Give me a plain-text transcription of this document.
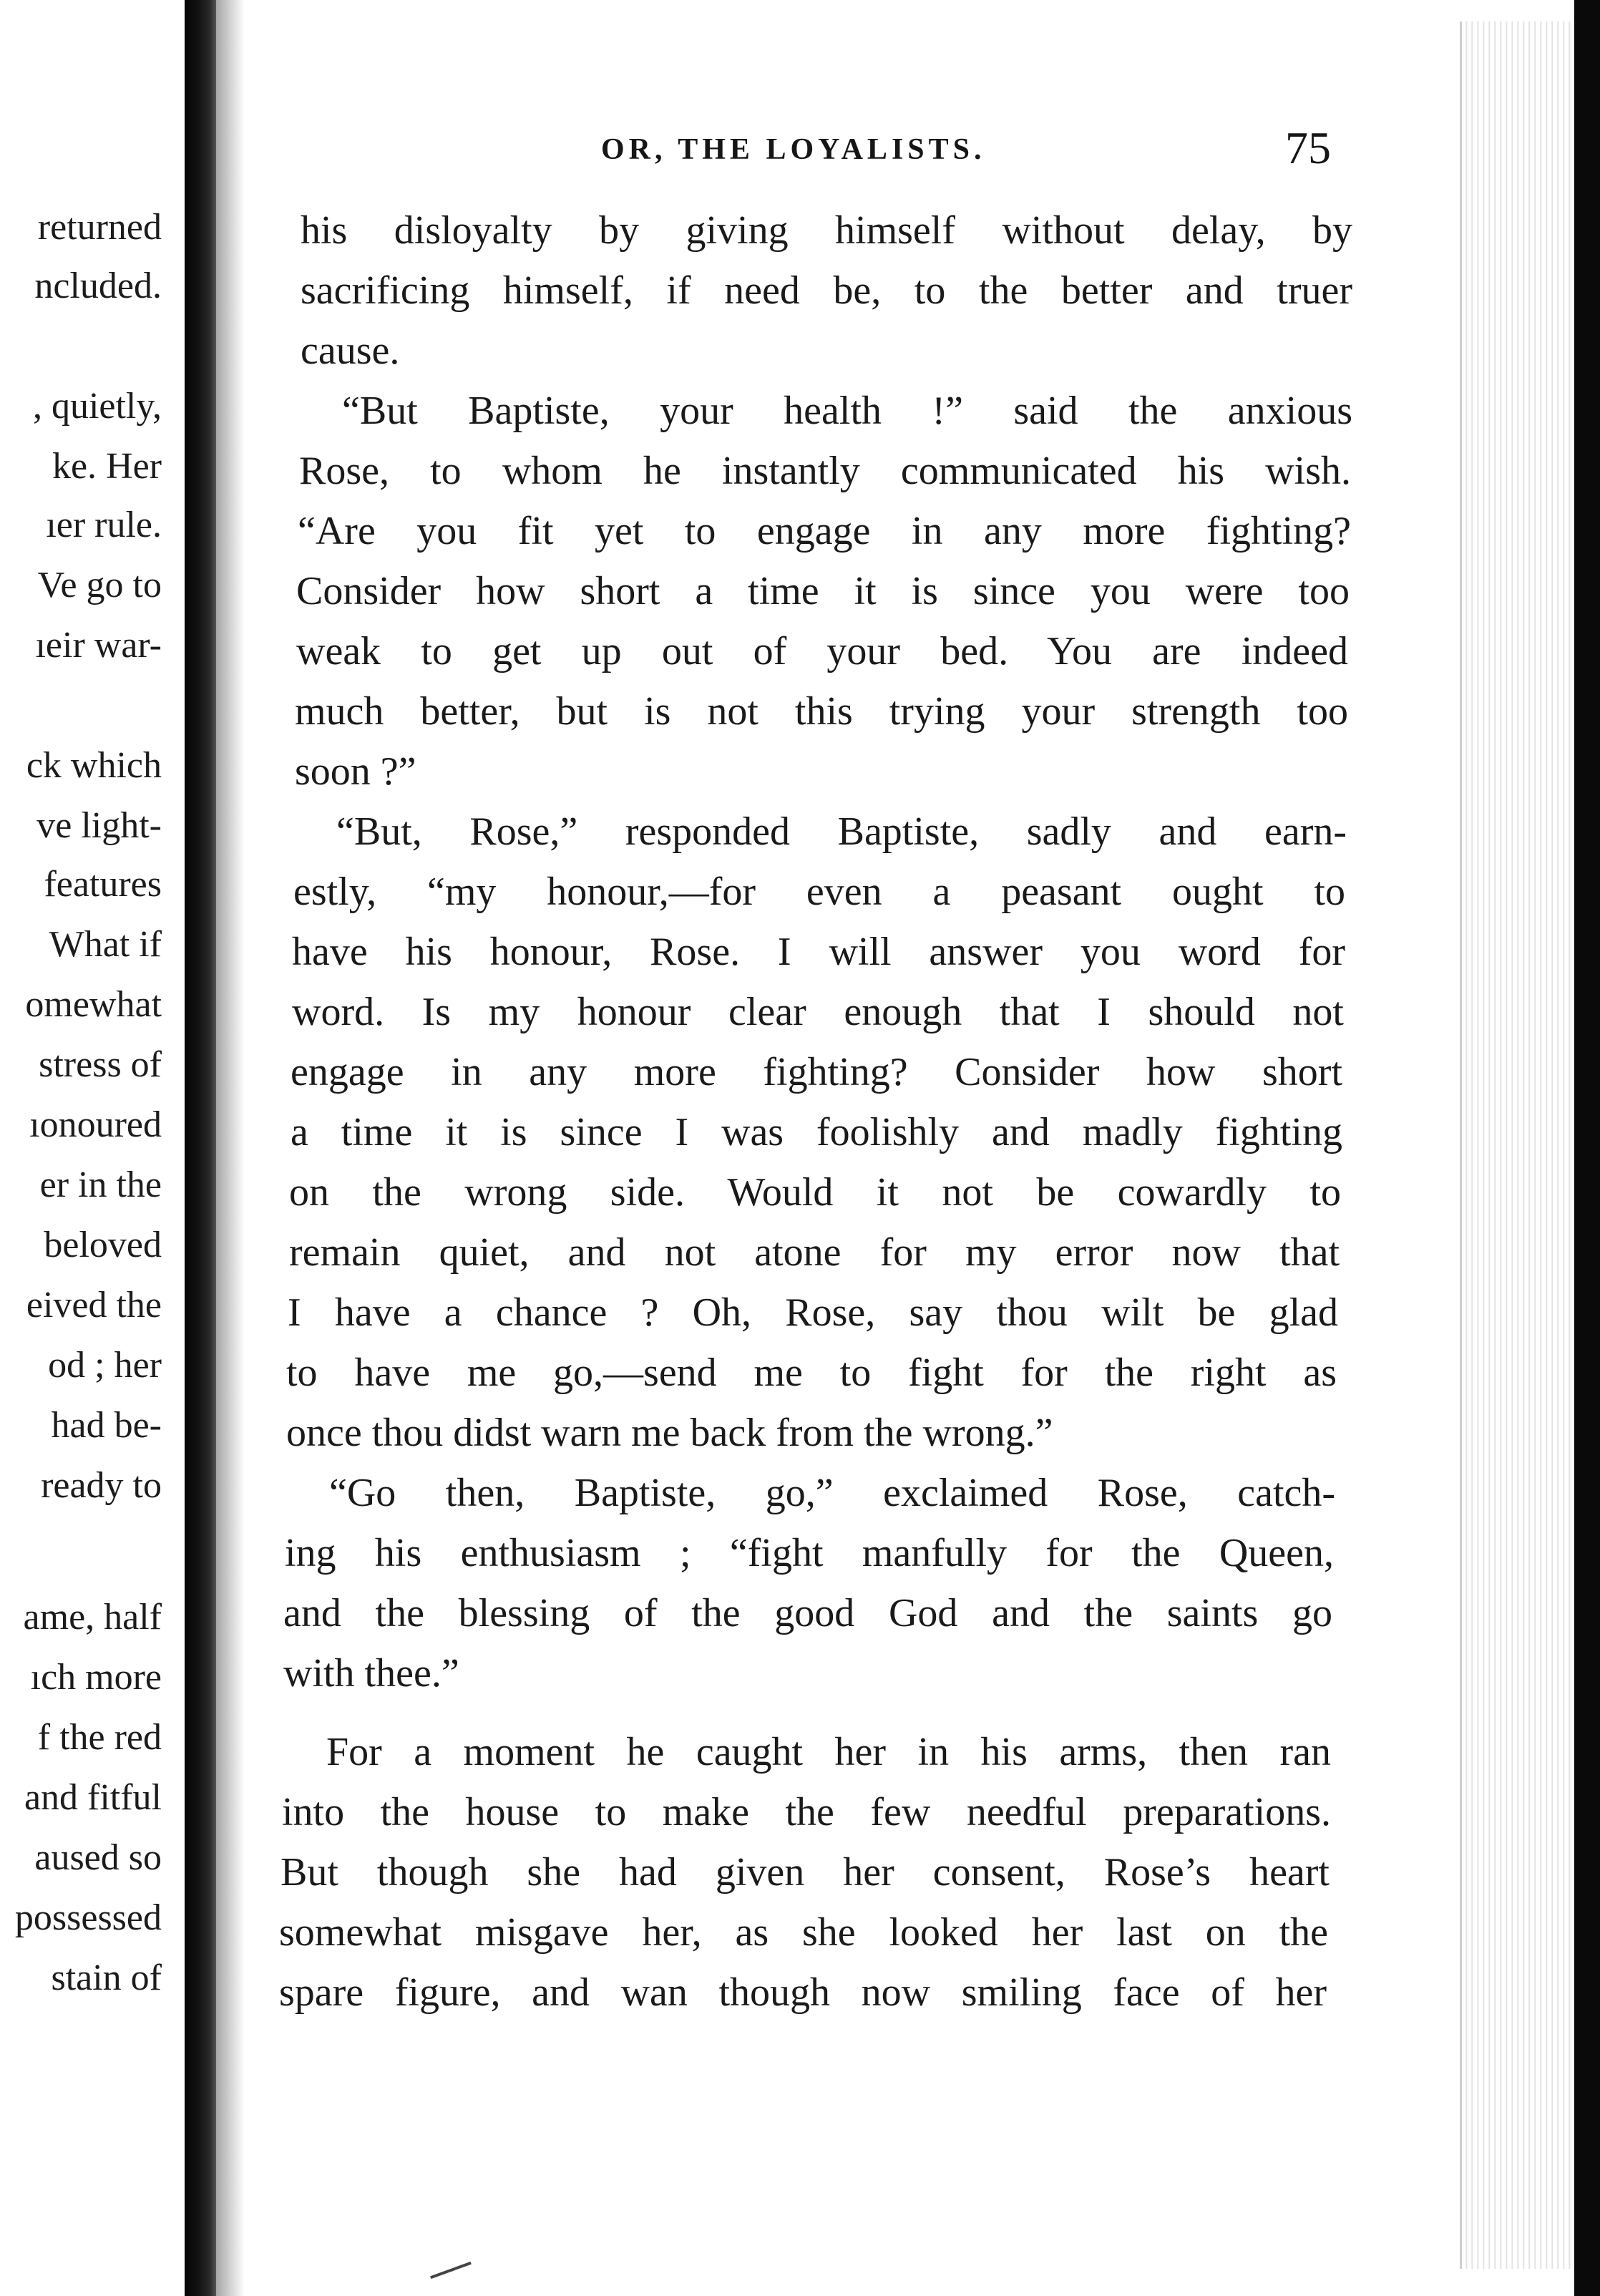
returned
ncluded.
, quietly,
ke. Her
ıer rule.
Ve go to
ıeir war-
ck which
ve light-
features
What if
omewhat
stress of
ıonoured
er in the
beloved
eived the
od ; her
had be-
ready to
ame, half
ıch more
f the red
and fitful
aused so
possessed
stain of
OR, THE LOYALISTS.	75
his disloyalty by giving himself without delay, by
sacrificing himself, if need be, to the better and truer
cause.
“But Baptiste, your health !” said the anxious
Rose, to whom he instantly communicated his wish.
“Are you fit yet to engage in any more fighting?
Consider how short a time it is since you were too
weak to get up out of your bed. You are indeed
much better, but is not this trying your strength too
soon ?”
“But, Rose,” responded Baptiste, sadly and earn-
estly, “my honour,—for even a peasant ought to
have his honour, Rose. I will answer you word for
word. Is my honour clear enough that I should not
engage in any more fighting? Consider how short
a time it is since I was foolishly and madly fighting
on the wrong side. Would it not be cowardly to
remain quiet, and not atone for my error now that
I have a chance ? Oh, Rose, say thou wilt be glad
to have me go,—send me to fight for the right as
once thou didst warn me back from the wrong.”
“Go then, Baptiste, go,” exclaimed Rose, catch-
ing his enthusiasm ; “fight manfully for the Queen,
and the blessing of the good God and the saints go
with thee.”
For a moment he caught her in his arms, then ran
into the house to make the few needful preparations.
But though she had given her consent, Rose’s heart
somewhat misgave her, as she looked her last on the
spare figure, and wan though now smiling face of her
